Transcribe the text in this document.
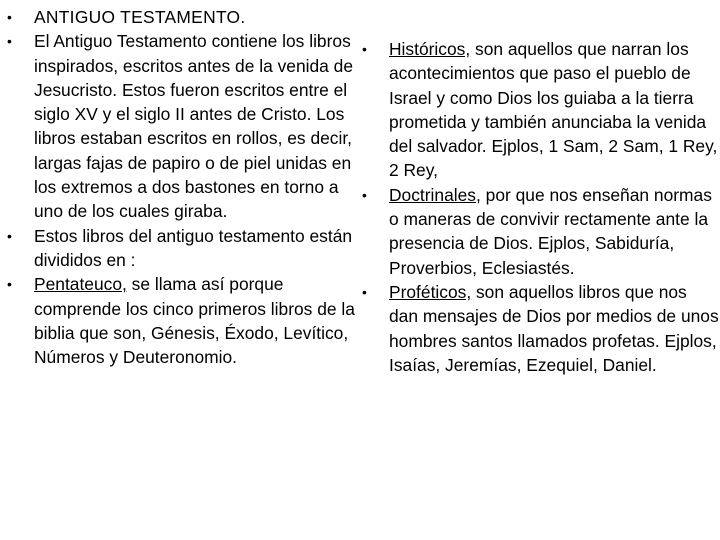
• ANTIGUO TESTAMENTO.
• El Antiguo Testamento contiene los libros inspirados, escritos antes de la venida de Jesucristo. Estos fueron escritos entre el siglo XV y el siglo II antes de Cristo. Los libros estaban escritos en rollos, es decir, largas fajas de papiro o de piel unidas en los extremos a dos bastones en torno a uno de los cuales giraba.
• Estos libros del antiguo testamento están divididos en :
• Pentateuco, se llama así porque comprende los cinco primeros libros de la biblia que son, Génesis, Éxodo, Levítico, Números y Deuteronomio.
• Históricos, son aquellos que narran los acontecimientos que paso el pueblo de Israel y como Dios los guiaba a la tierra prometida y también anunciaba la venida del salvador. Ejplos, 1 Sam, 2 Sam, 1 Rey, 2 Rey,
• Doctrinales, por que nos enseñan normas o maneras de convivir rectamente ante la presencia de Dios. Ejplos, Sabiduría, Proverbios, Eclesiastés.
• Proféticos, son aquellos libros que nos dan mensajes de Dios por medios de unos hombres santos llamados profetas. Ejplos, Isaías, Jeremías, Ezequiel, Daniel.
